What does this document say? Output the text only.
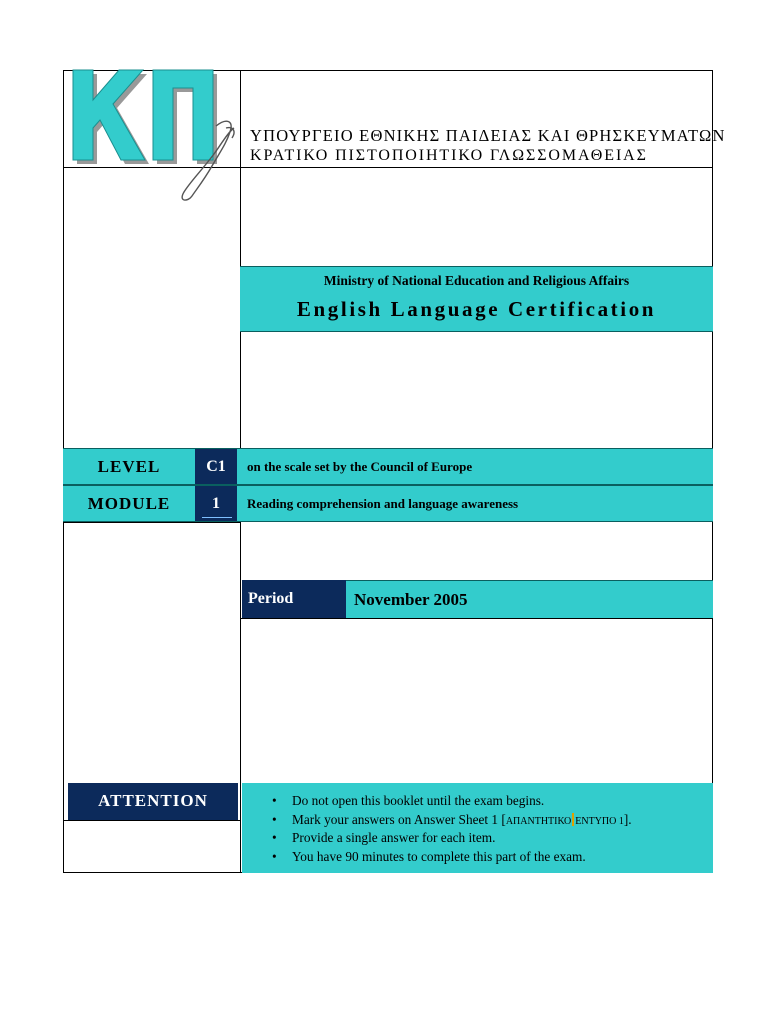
ΥΠΟΥΡΓΕΙΟ ΕΘΝΙΚΗΣ ΠΑΙΔΕΙΑΣ ΚΑΙ ΘΡΗΣΚΕΥΜΑΤΩΝ
ΚΡΑΤΙΚΟ ΠΙΣΤΟΠΟΙΗΤΙΚΟ ΓΛΩΣΣΟΜΑΘΕΙΑΣ
Ministry of National Education and Religious Affairs
English Language Certification
LEVEL	C1	on the scale set by the Council of Europe
MODULE	1	Reading comprehension and language awareness
Period	November 2005
ATTENTION
•	Do not open this booklet until the exam begins.
• Mark your answers on Answer Sheet 1 [ΑΠΑΝΤΗΤΙΚΟ ΕΝΤΥΠΟ 1].
• Provide a single answer for each item.
• You have 90 minutes to complete this part of the exam.
